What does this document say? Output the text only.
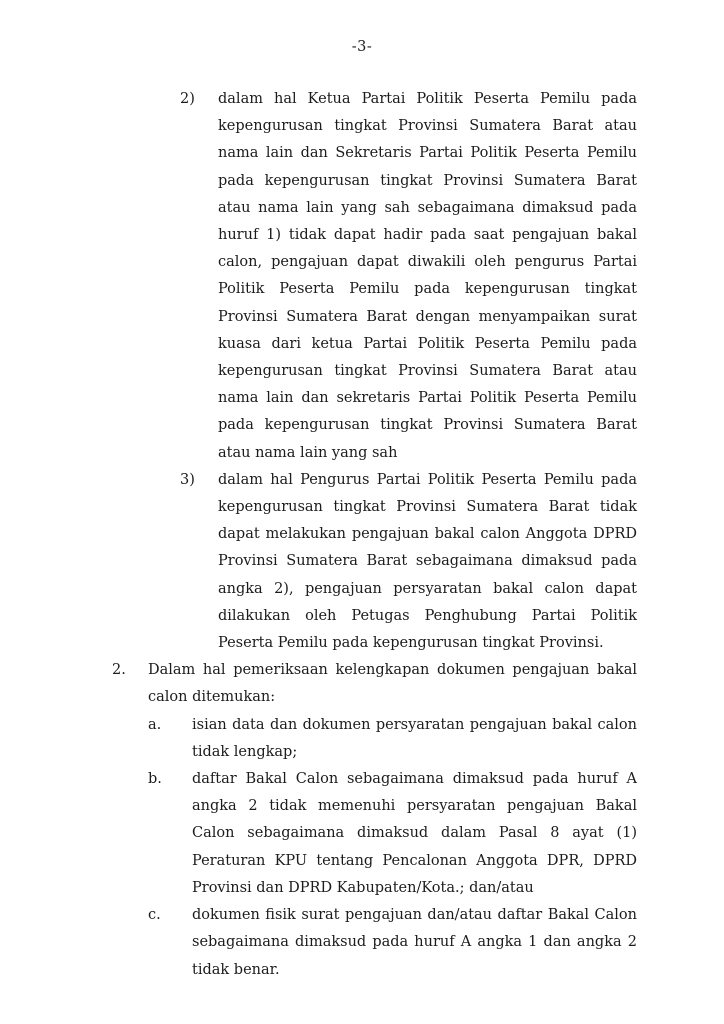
-3-
2)	dalam hal Ketua Partai Politik Peserta Pemilu pada kepengurusan tingkat Provinsi Sumatera Barat atau nama lain dan Sekretaris Partai Politik Peserta Pemilu pada kepengurusan tingkat Provinsi Sumatera Barat atau nama lain yang sah sebagaimana dimaksud pada huruf 1) tidak dapat hadir pada saat pengajuan bakal calon, pengajuan dapat diwakili oleh pengurus Partai Politik Peserta Pemilu pada kepengurusan tingkat Provinsi Sumatera Barat dengan menyampaikan surat kuasa dari ketua Partai Politik Peserta Pemilu pada kepengurusan tingkat Provinsi Sumatera Barat atau nama lain dan sekretaris Partai Politik Peserta Pemilu pada kepengurusan tingkat Provinsi Sumatera Barat atau nama lain yang sah
3)	dalam hal Pengurus Partai Politik Peserta Pemilu pada kepengurusan tingkat Provinsi Sumatera Barat tidak dapat melakukan pengajuan bakal calon Anggota DPRD Provinsi Sumatera Barat sebagaimana dimaksud pada angka 2), pengajuan persyaratan bakal calon dapat dilakukan oleh Petugas Penghubung Partai Politik Peserta Pemilu pada kepengurusan tingkat Provinsi.
2.	Dalam hal pemeriksaan kelengkapan dokumen pengajuan bakal calon ditemukan:
a.	isian data dan dokumen persyaratan pengajuan bakal calon tidak lengkap;
b.	daftar Bakal Calon sebagaimana dimaksud pada huruf A angka 2 tidak memenuhi persyaratan pengajuan Bakal Calon sebagaimana dimaksud dalam Pasal 8 ayat (1) Peraturan KPU tentang Pencalonan Anggota DPR, DPRD Provinsi dan DPRD Kabupaten/Kota.; dan/atau
c.	dokumen fisik surat pengajuan dan/atau daftar Bakal Calon sebagaimana dimaksud pada huruf A angka 1 dan angka 2 tidak benar.
